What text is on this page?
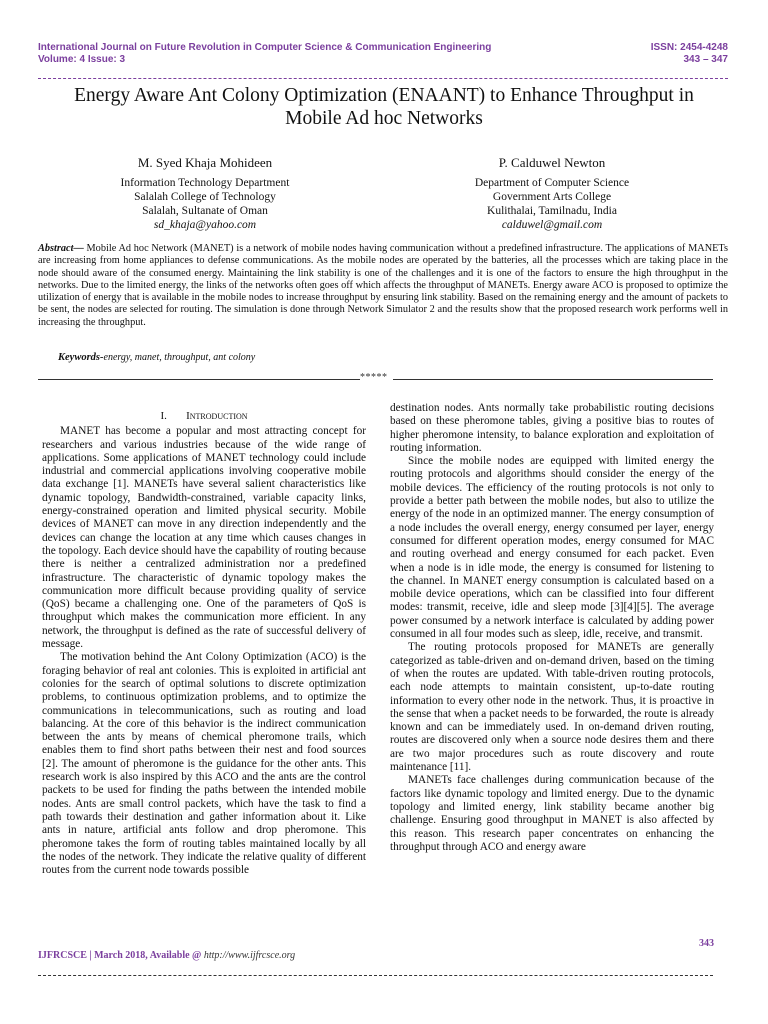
International Journal on Future Revolution in Computer Science & Communication Engineering
Volume: 4 Issue: 3
ISSN: 2454-4248
343 – 347
Energy Aware Ant Colony Optimization (ENAANT) to Enhance Throughput in
Mobile Ad hoc Networks
M. Syed Khaja Mohideen
Information Technology Department
Salalah College of Technology
Salalah, Sultanate of Oman
sd_khaja@yahoo.com
P. Calduwel Newton
Department of Computer Science
Government Arts College
Kulithalai, Tamilnadu, India
calduwel@gmail.com
Abstract— Mobile Ad hoc Network (MANET) is a network of mobile nodes having communication without a predefined infrastructure. The applications of MANETs are increasing from home appliances to defense communications. As the mobile nodes are operated by the batteries, all the processes which are taking place in the node should aware of the consumed energy. Maintaining the link stability is one of the challenges and it is one of the factors to ensure the high throughput in the networks. Due to the limited energy, the links of the networks often goes off which affects the throughput of MANETs. Energy aware ACO is proposed to optimize the utilization of energy that is available in the mobile nodes to increase throughput by ensuring link stability. Based on the remaining energy and the amount of packets to be sent, the nodes are selected for routing. The simulation is done through Network Simulator 2 and the results show that the proposed research work performs well in increasing the throughput.
Keywords-energy, manet, throughput, ant colony
*****
I. Introduction

MANET has become a popular and most attracting concept for researchers and various industries because of the wide range of applications. Some applications of MANET technology could include industrial and commercial applications involving cooperative mobile data exchange [1]. MANETs have several salient characteristics like dynamic topology, Bandwidth-constrained, variable capacity links, energy-constrained operation and limited physical security. Mobile devices of MANET can move in any direction independently and the devices can change the location at any time which causes changes in the topology. Each device should have the capability of routing because there is neither a centralized administration nor a predefined infrastructure. The characteristic of dynamic topology makes the communication more difficult because providing quality of service (QoS) became a challenging one. One of the parameters of QoS is throughput which makes the communication more efficient. In any network, the throughput is defined as the rate of successful delivery of message.

The motivation behind the Ant Colony Optimization (ACO) is the foraging behavior of real ant colonies. This is exploited in artificial ant colonies for the search of optimal solutions to discrete optimization problems, to continuous optimization problems, and to optimize the communications in telecommunications, such as routing and load balancing. At the core of this behavior is the indirect communication between the ants by means of chemical pheromone trails, which enables them to find short paths between their nest and food sources [2]. The amount of pheromone is the guidance for the other ants. This research work is also inspired by this ACO and the ants are the control packets to be used for finding the paths between the intended mobile nodes. Ants are small control packets, which have the task to find a path towards their destination and gather information about it. Like ants in nature, artificial ants follow and drop pheromone. This pheromone takes the form of routing tables maintained locally by all the nodes of the network. They indicate the relative quality of different routes from the current node towards possible

destination nodes. Ants normally take probabilistic routing decisions based on these pheromone tables, giving a positive bias to routes of higher pheromone intensity, to balance exploration and exploitation of routing information.

Since the mobile nodes are equipped with limited energy the routing protocols and algorithms should consider the energy of the mobile devices. The efficiency of the routing protocols is not only to provide a better path between the mobile nodes, but also to utilize the energy of the node in an optimized manner. The energy consumption of a node includes the overall energy, energy consumed per layer, energy consumed for different operation modes, energy consumed for MAC and routing overhead and energy consumed for each packet. Even when a node is in idle mode, the energy is consumed for listening to the channel. In MANET energy consumption is calculated based on a mobile device operations, which can be classified into four different modes: transmit, receive, idle and sleep mode [3][4][5]. The average power consumed by a network interface is calculated by adding power consumed in all four modes such as sleep, idle, receive, and transmit.

The routing protocols proposed for MANETs are generally categorized as table-driven and on-demand driven, based on the timing of when the routes are updated. With table-driven routing protocols, each node attempts to maintain consistent, up-to-date routing information to every other node in the network. Thus, it is proactive in the sense that when a packet needs to be forwarded, the route is already known and can be immediately used. In on-demand driven routing, routes are discovered only when a source node desires them and there are two major procedures such as route discovery and route maintenance [11].

MANETs face challenges during communication because of the factors like dynamic topology and limited energy. Due to the dynamic topology and limited energy, link stability became another big challenge. Ensuring good throughput in MANET is also affected by this reason. This research paper concentrates on enhancing the throughput through ACO and energy aware

343
IJFRCSCE | March 2018, Available @ http://www.ijfrcsce.org
